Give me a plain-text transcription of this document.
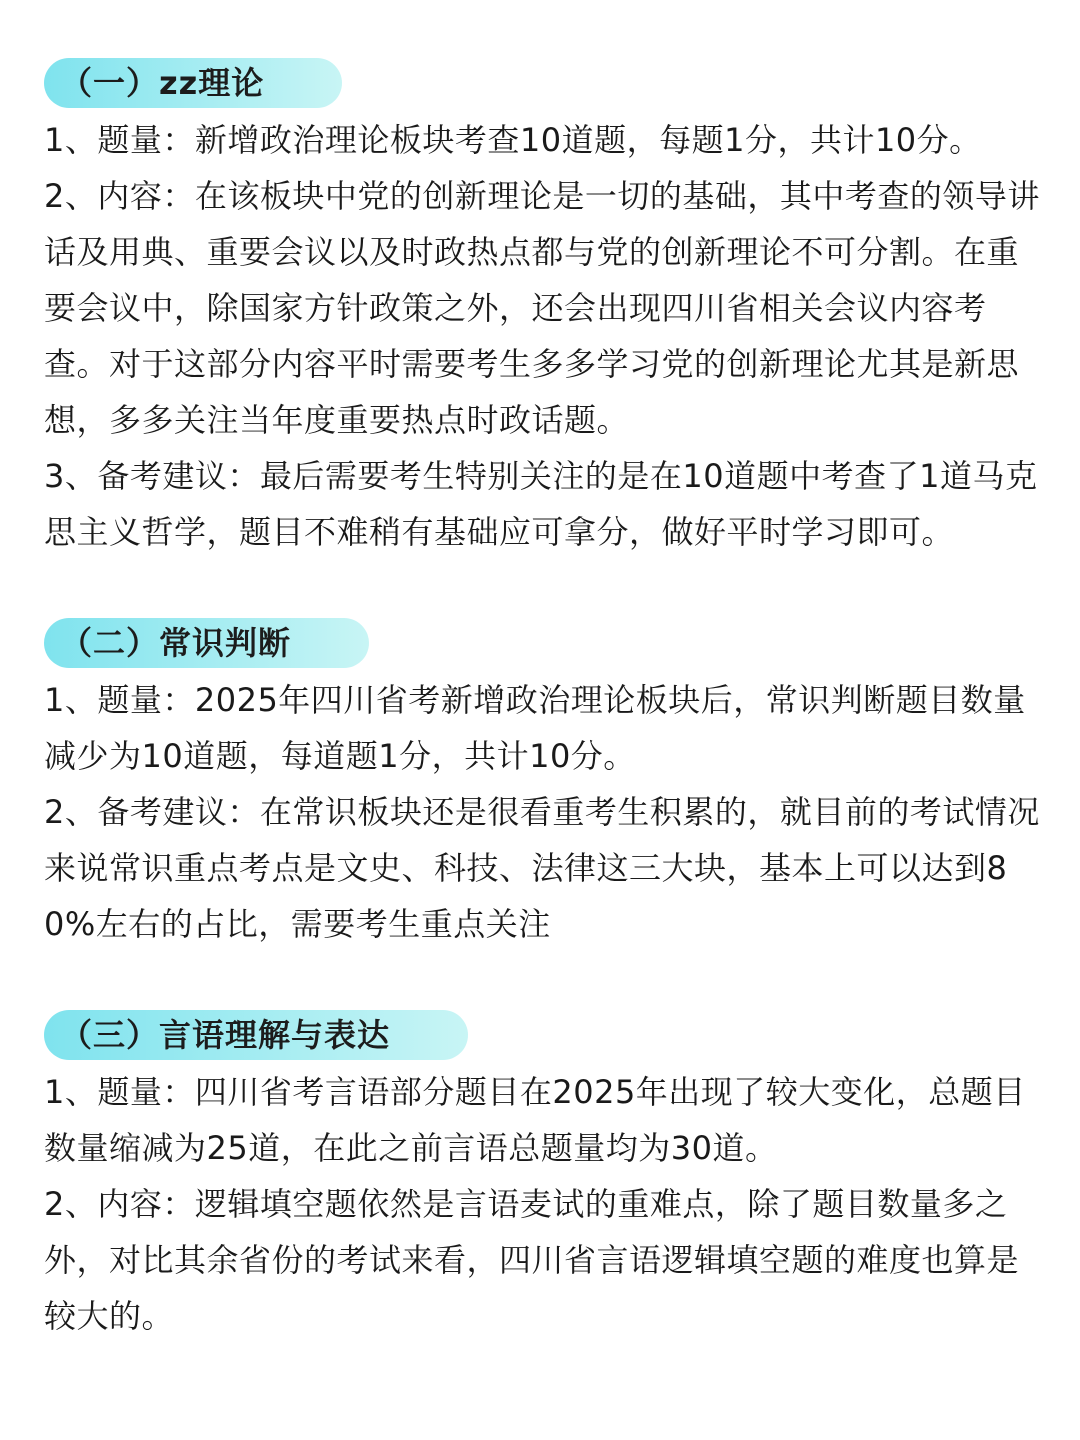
（一）zz理论

1、题量：新增政治理论板块考查10道题，每题1分，共计10分。

2、内容：在该板块中党的创新理论是一切的基础，其中考查的领导讲话及用典、重要会议以及时政热点都与党的创新理论不可分割。在重要会议中，除国家方针政策之外，还会出现四川省相关会议内容考查。对于这部分内容平时需要考生多多学习党的创新理论尤其是新思想，多多关注当年度重要热点时政话题。

3、备考建议：最后需要考生特别关注的是在10道题中考查了1道马克思主义哲学，题目不难稍有基础应可拿分，做好平时学习即可。

（二）常识判断

1、题量：2025年四川省考新增政治理论板块后，常识判断题目数量减少为10道题，每道题1分，共计10分。

2、备考建议：在常识板块还是很看重考生积累的，就目前的考试情况来说常识重点考点是文史、科技、法律这三大块，基本上可以达到80%左右的占比，需要考生重点关注

（三）言语理解与表达

1、题量：四川省考言语部分题目在2025年出现了较大变化，总题目数量缩减为25道，在此之前言语总题量均为30道。

2、内容：逻辑填空题依然是言语麦试的重难点，除了题目数量多之外，对比其余省份的考试来看，四川省言语逻辑填空题的难度也算是较大的。
